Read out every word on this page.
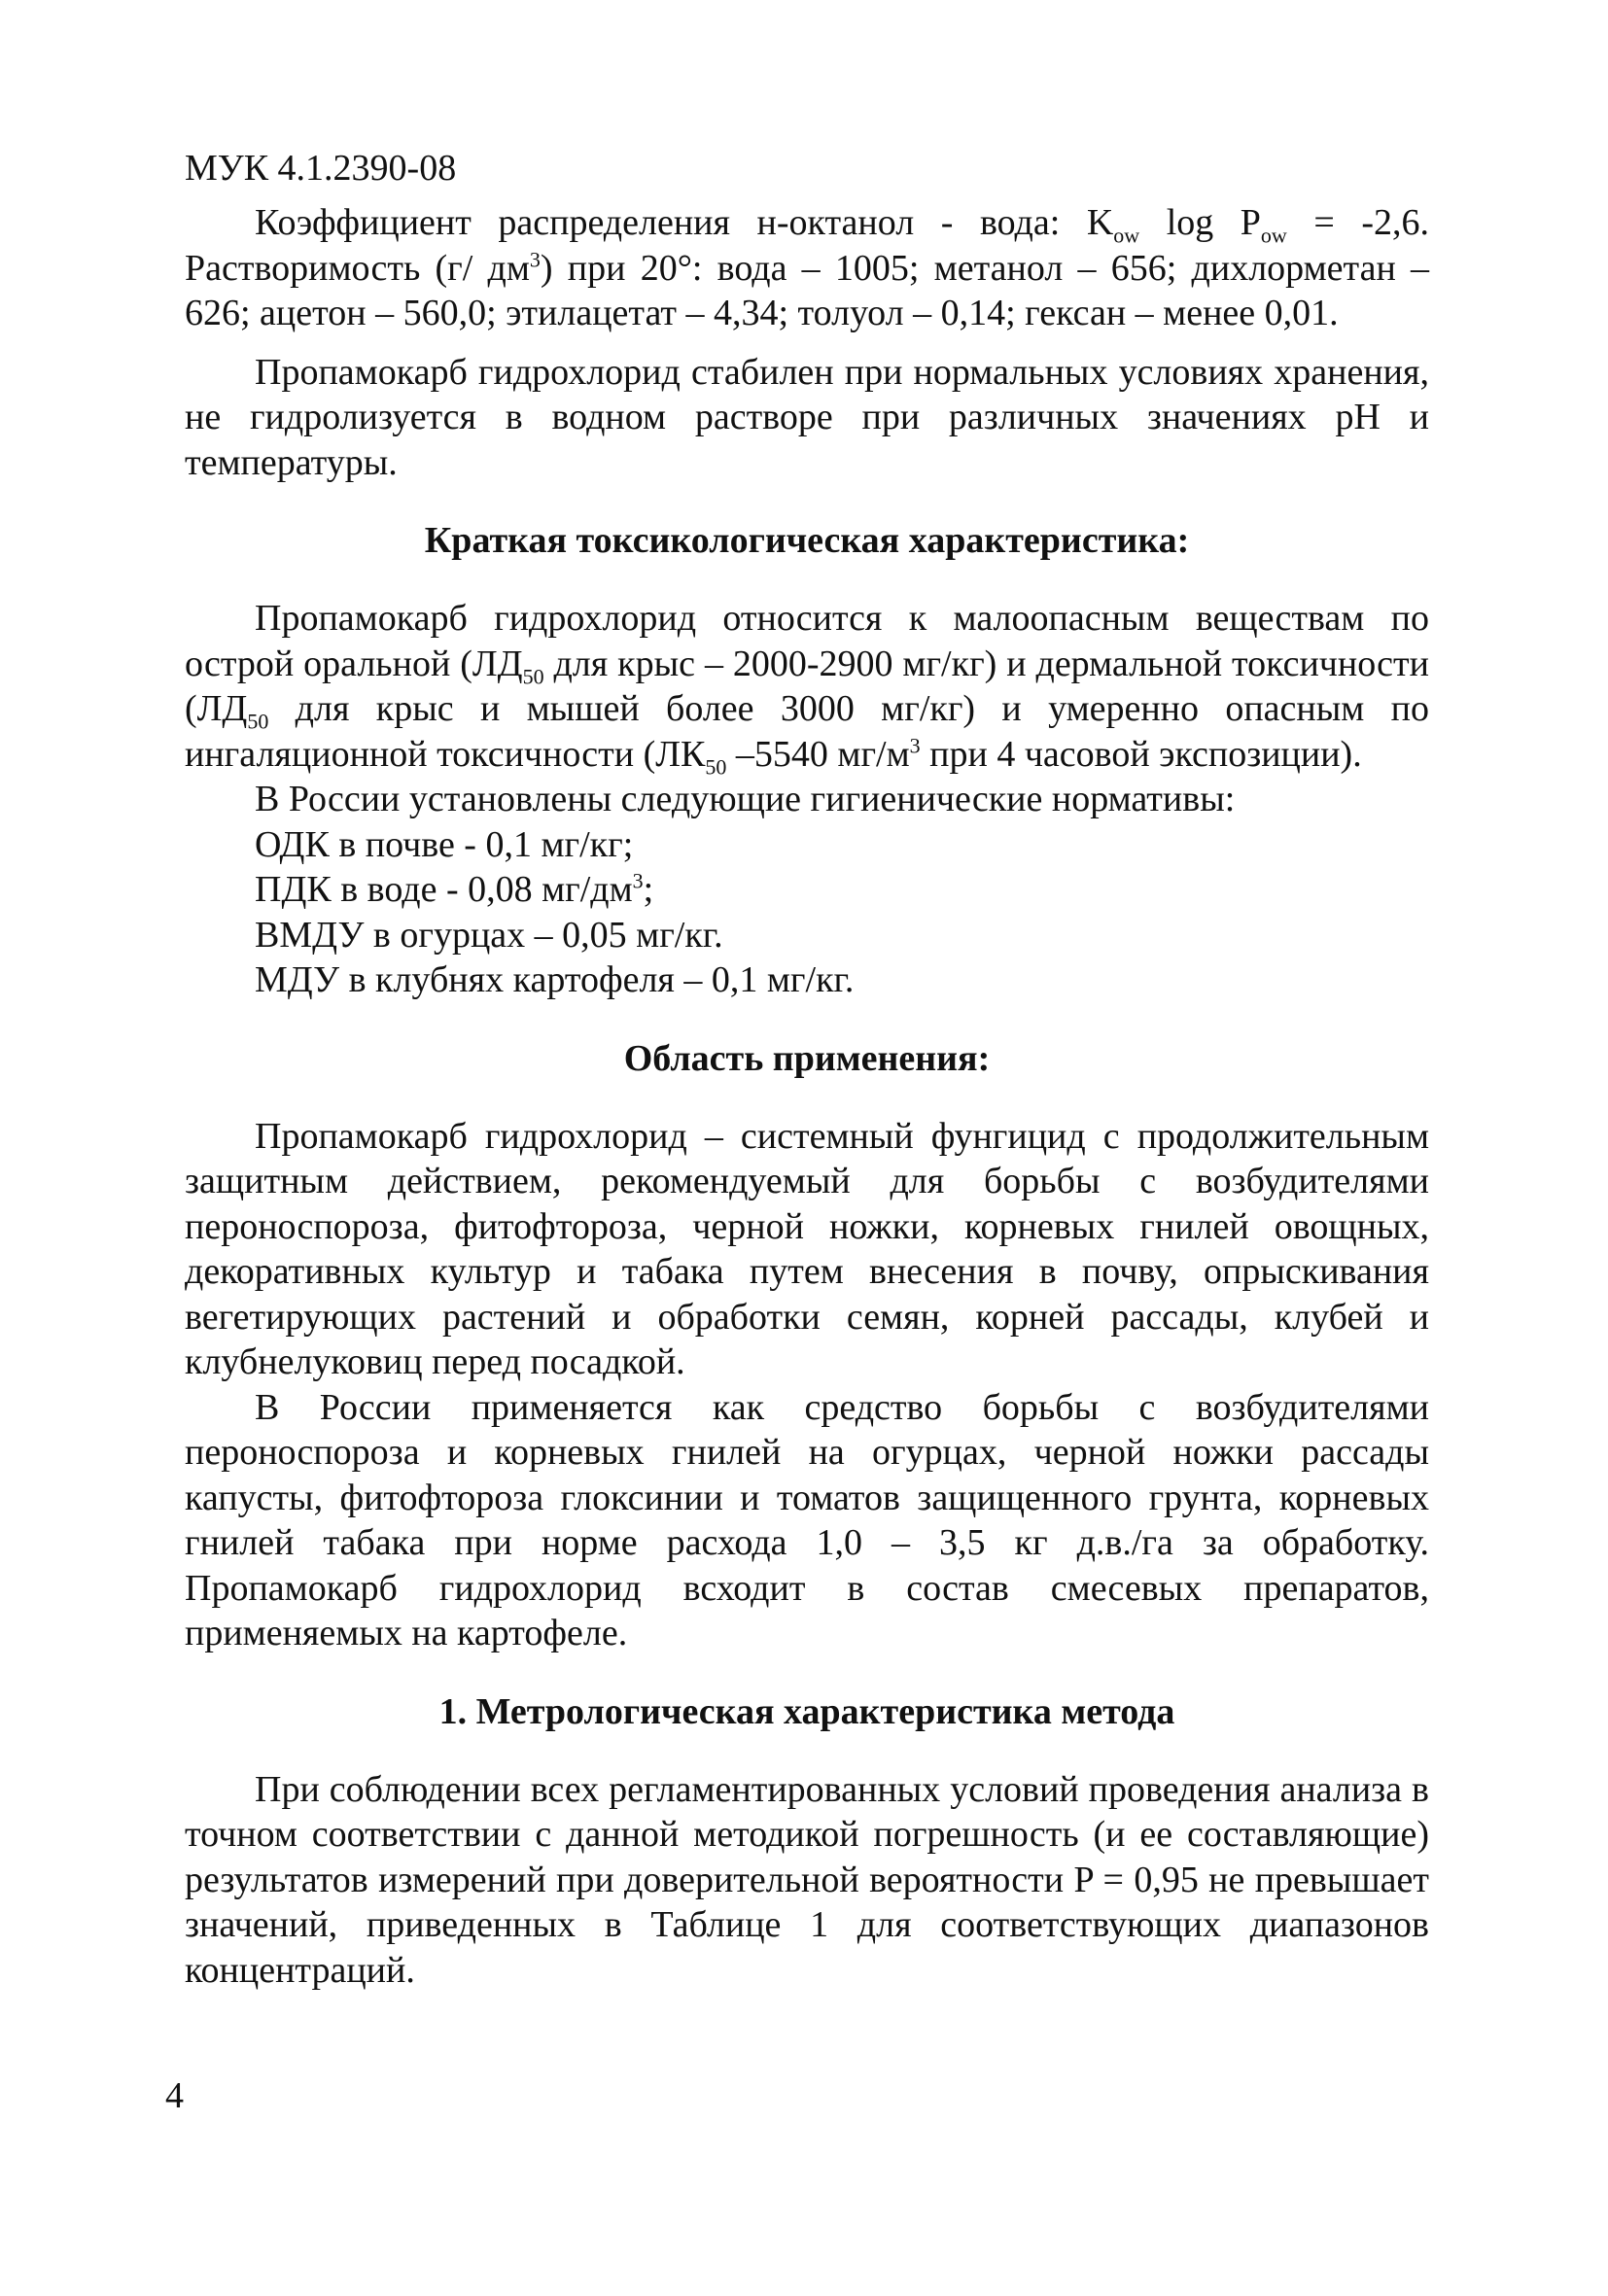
МУК 4.1.2390-08

Коэффициент распределения н-октанол - вода: $K_{ow}$ $\log P_{ow} = -2,6$. Растворимость (г/ $дм^3$) при 20°: вода – 1005; метанол – 656; дихлорметан – 626; ацетон – 560,0; этилацетат – 4,34; толуол – 0,14; гексан – менее 0,01.

Пропамокарб гидрохлорид стабилен при нормальных условиях хранения, не гидролизуется в водном растворе при различных значениях pH и температуры.

Краткая токсикологическая характеристика:

Пропамокарб гидрохлорид относится к малоопасным веществам по острой оральной ($ЛД_{50}$ для крыс – 2000-2900 мг/кг) и дермальной токсичности ($ЛД_{50}$ для крыс и мышей более 3000 мг/кг) и умеренно опасным по ингаляционной токсичности ($ЛК_{50}$ –5540 $мг/м^3$ при 4 часовой экспозиции).

В России установлены следующие гигиенические нормативы:

ОДК в почве - 0,1 мг/кг;
ПДК в воде - 0,08 $мг/дм^3$;
ВМДУ в огурцах – 0,05 мг/кг.
МДУ в клубнях картофеля – 0,1 мг/кг.
Область применения:

Пропамокарб гидрохлорид – системный фунгицид с продолжительным защитным действием, рекомендуемый для борьбы с возбудителями пероноспороза, фитофтороза, черной ножки, корневых гнилей овощных, декоративных культур и табака путем внесения в почву, опрыскивания вегетирующих растений и обработки семян, корней рассады, клубей и клубнелуковиц перед посадкой.

В России применяется как средство борьбы с возбудителями пероноспороза и корневых гнилей на огурцах, черной ножки рассады капусты, фитофтороза глоксинии и томатов защищенного грунта, корневых гнилей табака при норме расхода 1,0 – 3,5 кг д.в./га за обработку. Пропамокарб гидрохлорид всходит в состав смесевых препаратов, применяемых на картофеле.

1. Метрологическая характеристика метода

При соблюдении всех регламентированных условий проведения анализа в точном соответствии с данной методикой погрешность (и ее составляющие) результатов измерений при доверительной вероятности P = 0,95 не превышает значений, приведенных в Таблице 1 для соответствующих диапазонов концентраций.

4
